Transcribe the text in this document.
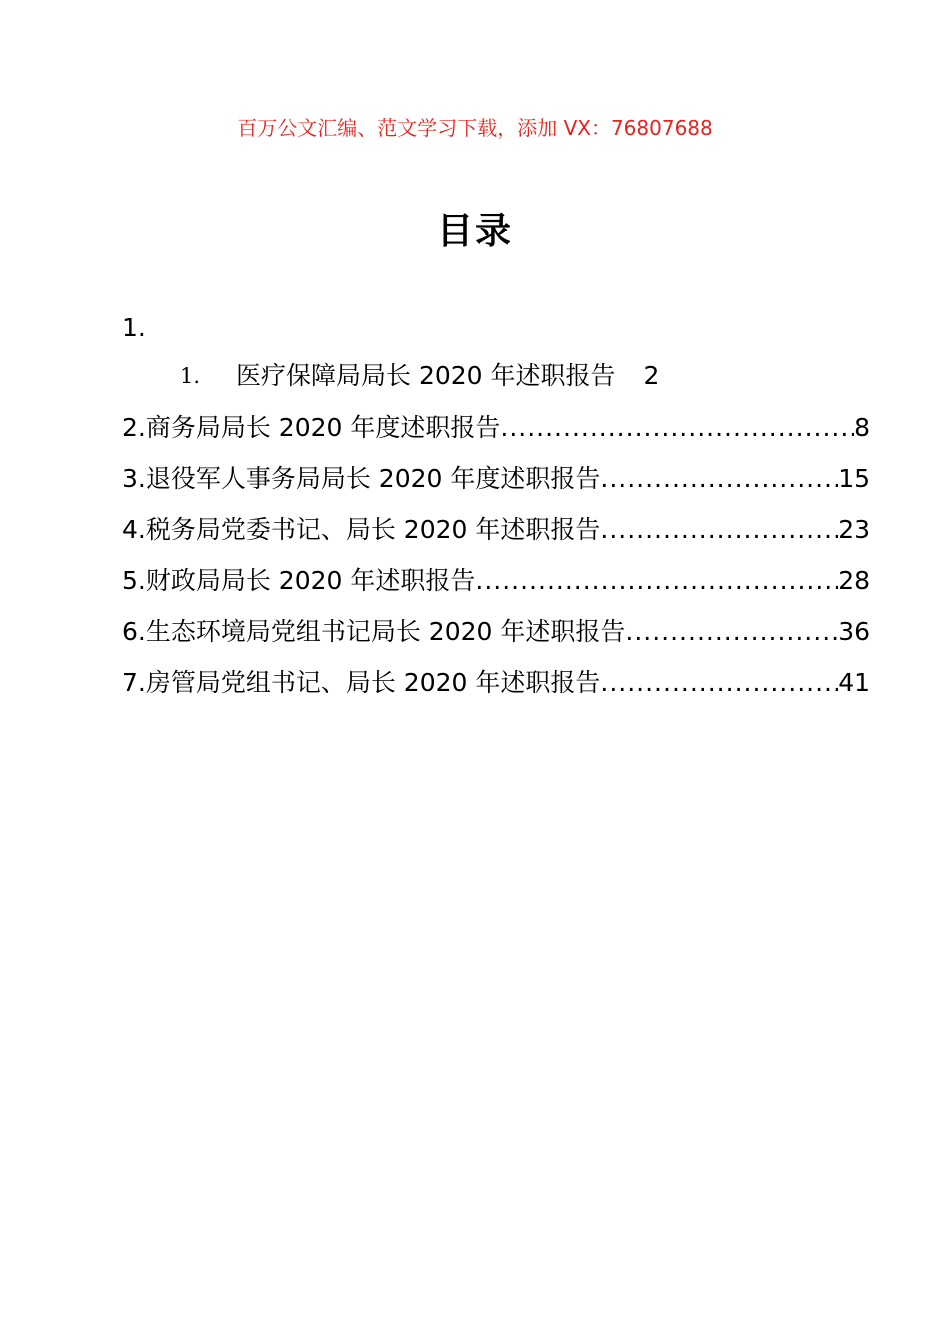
百万公文汇编、范文学习下载，添加 VX：76807688
目录
1.
1.	医疗保障局局长 2020 年述职报告 2
2.商务局局长 2020 年度述职报告 .....	8
3.退役军人事务局局长 2020 年度述职报告 .....	15
4.税务局党委书记、局长 2020 年述职报告 .....	23
5.财政局局长 2020 年述职报告 .....	28
6.生态环境局党组书记局长 2020 年述职报告 .....	36
7.房管局党组书记、局长 2020 年述职报告 .....	41
